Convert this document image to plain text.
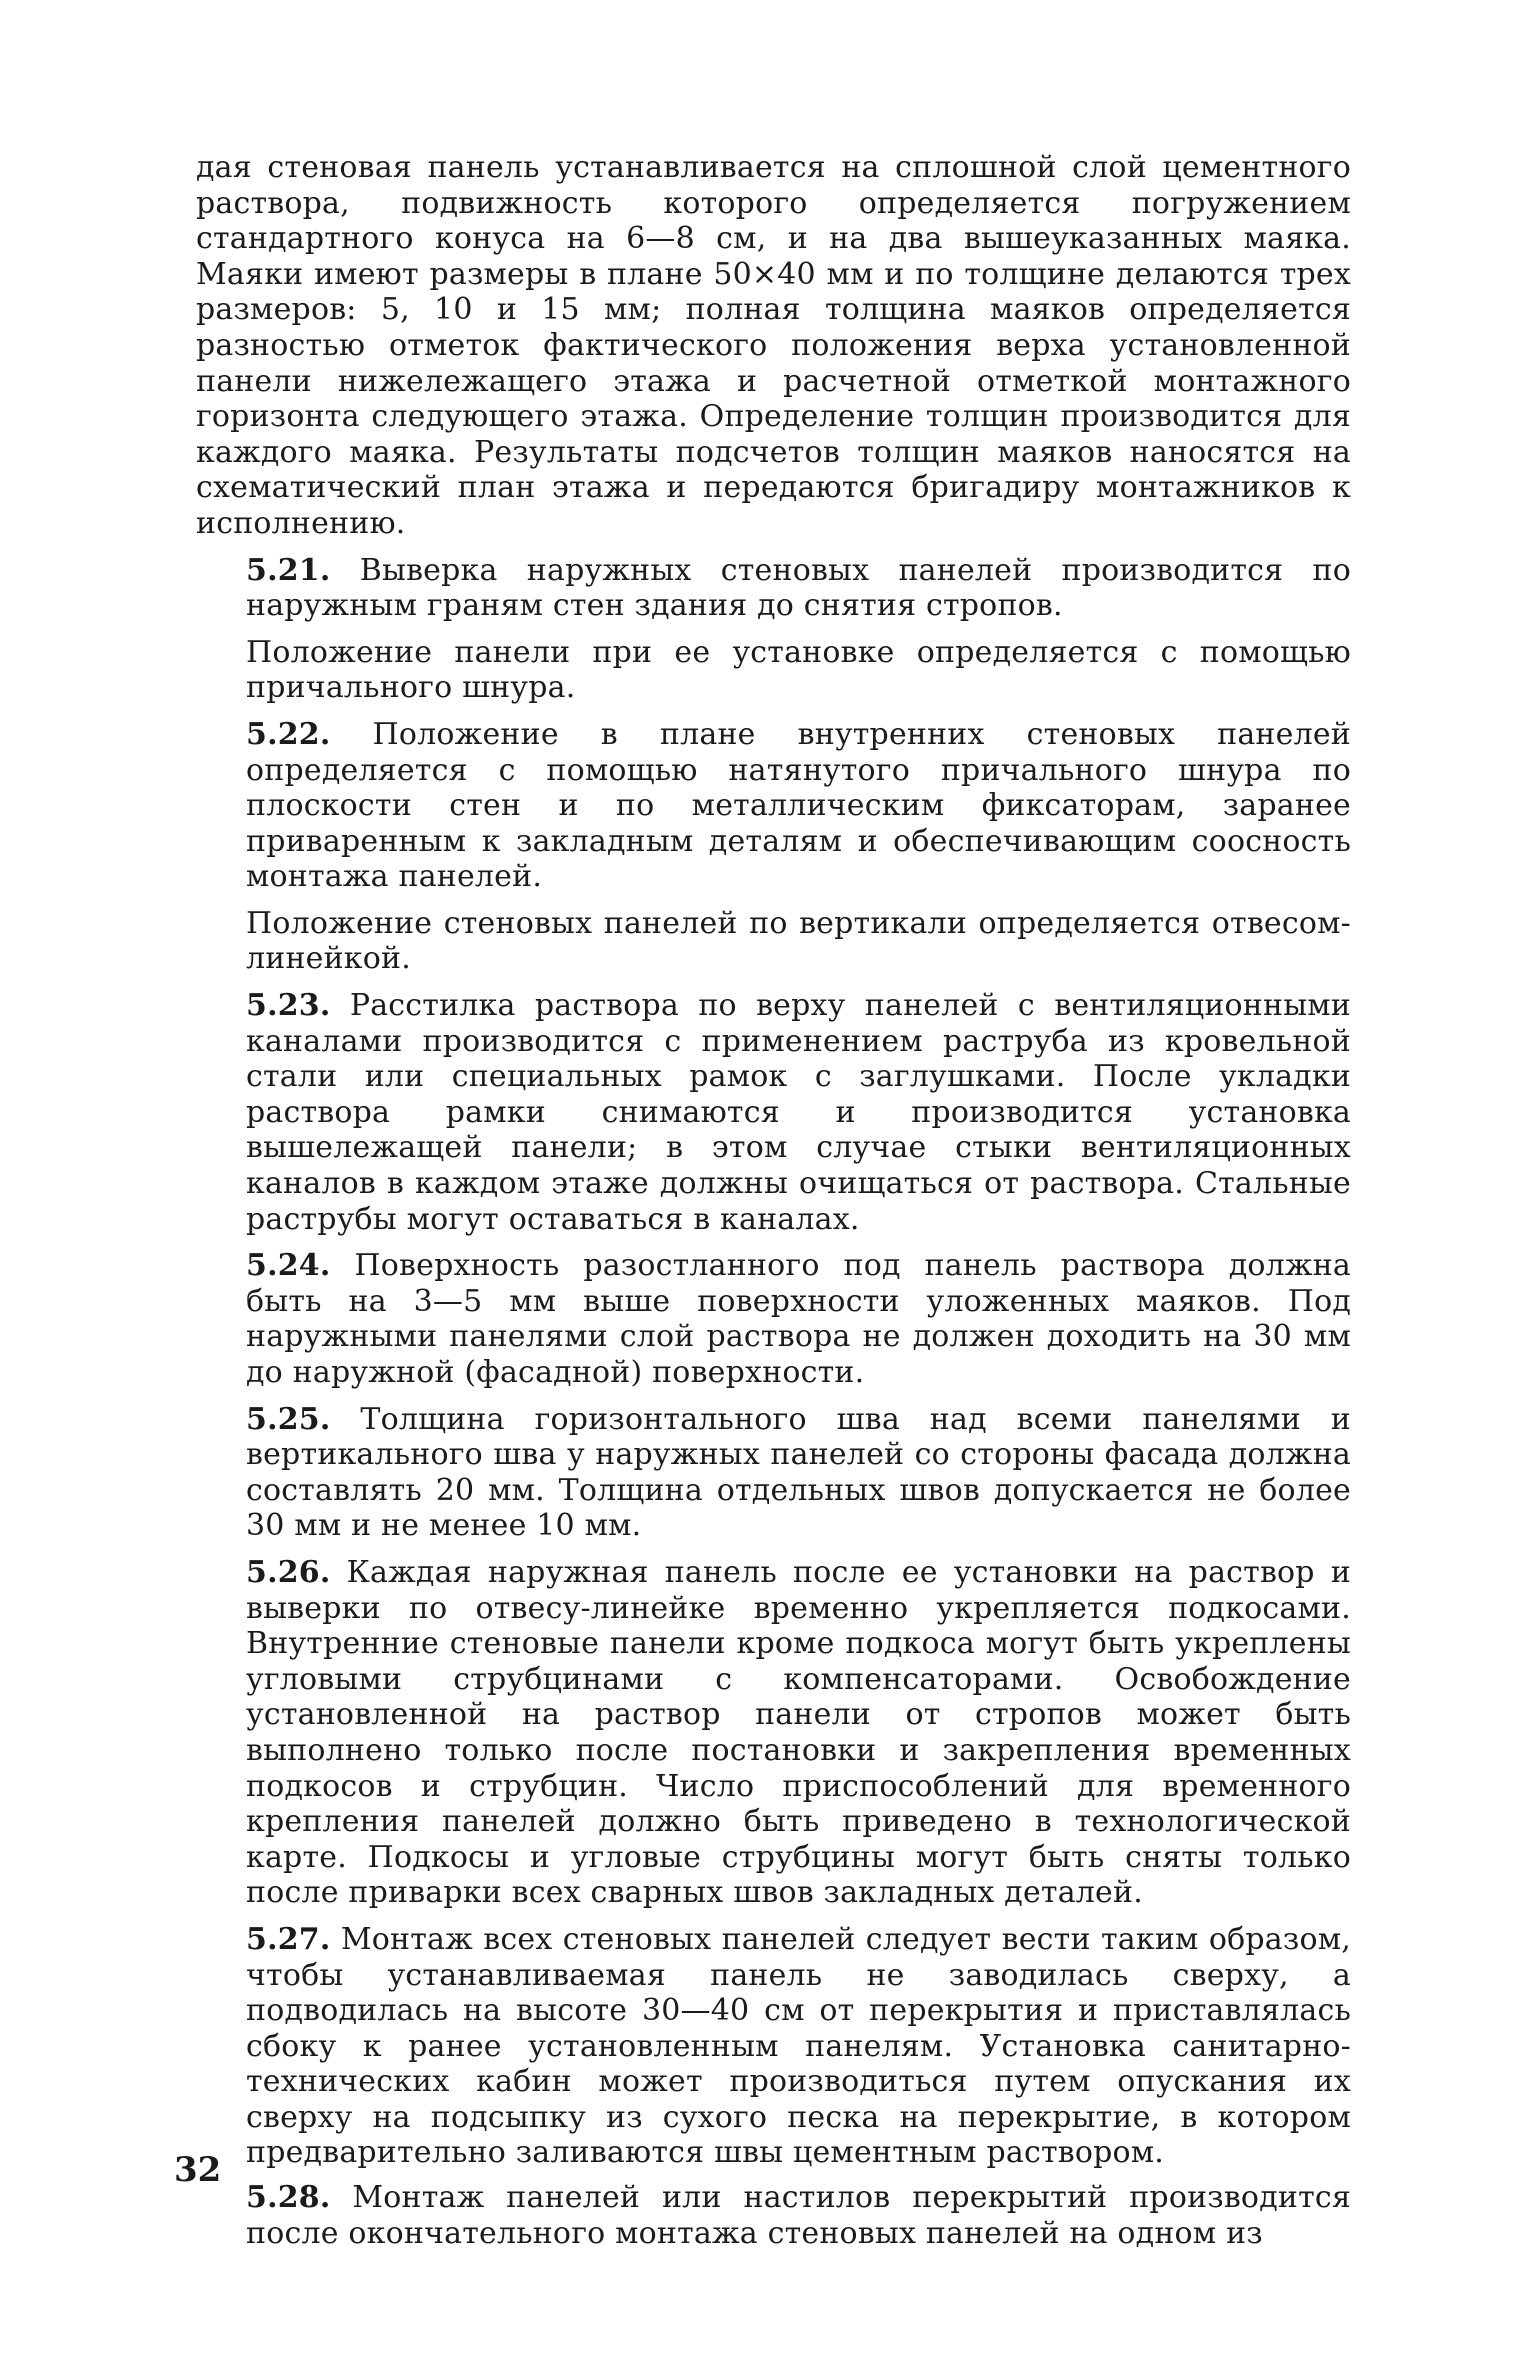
дая стеновая панель устанавливается на сплошной слой цементного раствора, подвижность которого определяется погружением стандартного конуса на 6—8 см, и на два вышеуказанных маяка. Маяки имеют размеры в плане 50×40 мм и по толщине делаются трех размеров: 5, 10 и 15 мм; полная толщина маяков определяется разностью отметок фактического положения верха установленной панели нижележащего этажа и расчетной отметкой монтажного горизонта следующего этажа. Определение толщин производится для каждого маяка. Результаты подсчетов толщин маяков наносятся на схематический план этажа и передаются бригадиру монтажников к исполнению.

5.21. Выверка наружных стеновых панелей производится по наружным граням стен здания до снятия стропов.

Положение панели при ее установке определяется с помощью причального шнура.

5.22. Положение в плане внутренних стеновых панелей определяется с помощью натянутого причального шнура по плоскости стен и по металлическим фиксаторам, заранее приваренным к закладным деталям и обеспечивающим соосность монтажа панелей.

Положение стеновых панелей по вертикали определяется отвесом-линейкой.

5.23. Расстилка раствора по верху панелей с вентиляционными каналами производится с применением раструба из кровельной стали или специальных рамок с заглушками. После укладки раствора рамки снимаются и производится установка вышележащей панели; в этом случае стыки вентиляционных каналов в каждом этаже должны очищаться от раствора. Стальные раструбы могут оставаться в каналах.

5.24. Поверхность разостланного под панель раствора должна быть на 3—5 мм выше поверхности уложенных маяков. Под наружными панелями слой раствора не должен доходить на 30 мм до наружной (фасадной) поверхности.

5.25. Толщина горизонтального шва над всеми панелями и вертикального шва у наружных панелей со стороны фасада должна составлять 20 мм. Толщина отдельных швов допускается не более 30 мм и не менее 10 мм.

5.26. Каждая наружная панель после ее установки на раствор и выверки по отвесу-линейке временно укрепляется подкосами. Внутренние стеновые панели кроме подкоса могут быть укреплены угловыми струбцинами с компенсаторами. Освобождение установленной на раствор панели от стропов может быть выполнено только после постановки и закрепления временных подкосов и струбцин. Число приспособлений для временного крепления панелей должно быть приведено в технологической карте. Подкосы и угловые струбцины могут быть сняты только после приварки всех сварных швов закладных деталей.

5.27. Монтаж всех стеновых панелей следует вести таким образом, чтобы устанавливаемая панель не заводилась сверху, а подводилась на высоте 30—40 см от перекрытия и приставлялась сбоку к ранее установленным панелям. Установка санитарно-технических кабин может производиться путем опускания их сверху на подсыпку из сухого песка на перекрытие, в котором предварительно заливаются швы цементным раствором.

5.28. Монтаж панелей или настилов перекрытий производится после окончательного монтажа стеновых панелей на одном из

32
